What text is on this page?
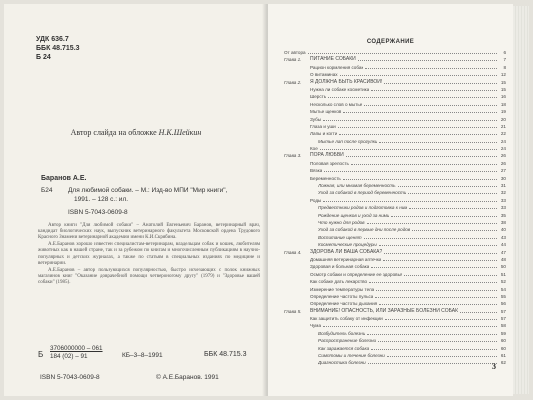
УДК 636.7
ББК 48.715.3
Б 24
Автор слайда на обложке Н.К.Шейкин
Баранов А.Е.
Б24 Для любимой собаки. – М.: Изд-во МПИ "Мир книги",
1991. – 128 с.: ил.
ISBN 5-7043-0609-8

Автор книги "Для любимой собаки" – Анатолий Евгеньевич Баранов, ветеринарный врач, кандидат биологических наук, выпускник ветеринарного факультета Московской ордена Трудового Красного Знамени ветеринарной академии имени К.И.Скрябина.

А.Е.Баранов хорошо известен специалистам-ветеринарам, владельцам собак и кошек, любителям животных как в нашей стране, так и за рубежом по книгам и многочисленным публикациям в научно-популярных и детских журналах, а также по статьям в специальных изданиях по медицине и ветеринарии.

А.Е.Баранов – автор пользующихся популярностью, быстро исчезающих с полок книжных магазинов книг "Оказание доврачебной помощи четвероногому другу" (1979) и "Здоровье вашей собаки" (1985).

Б
3706000000 – 061
184 (02) – 91	КБ–3–8–1991	ББК 48.715.3
ISBN 5-7043-0609-8	© А.Е.Баранов. 1991
СОДЕРЖАНИЕ
От автора	6
Глава 1.	ПИТАНИЕ СОБАКИ	7
Рацион кормления собак	8
О витаминах	12
Глава 2.	Я ДОЛЖНА БЫТЬ КРАСИВОЙ!	15
Нужна ли собаке косметика	15
Шерсть	16
Несколько слов о мытье	18
Мытье щенков	19
Зубы	20
Глаза и уши	21
Лапы и когти	22
Мытье лап после прогулки	24
Кое	24
Глава 3.	ПОРА ЛЮБВИ	26
Половая зрелость	26
Вязка	27
Беременность	30
Ложная, или мнимая беременность	31
Уход за собакой в период беременности	32
Роды	33
Предвестники родов и подготовка к ним	33
Рождение щенков и уход за ними	35
Что нужно для родов	38
Уход за собакой в первые дни после родов	40
Воспитание щенят	43
Косметические процедуры	44
Глава 4.	ЗДОРОВА ЛИ ВАША СОБАКА?	47
Домашняя ветеринарная аптечка	48
Здоровая и больная собака	50
Осмотр собаки и определение ее здоровья	51
Как собаке дать лекарство	52
Измерение температуры тела	54
Определение частоты пульса	55
Определение частоты дыхания	56
Глава 5.	ВНИМАНИЕ! ОПАСНОСТЬ, ИЛИ ЗАРАЗНЫЕ БОЛЕЗНИ СОБАК	57
Как защитить собаку от инфекции	57
Чума	58
Возбудитель болезни	59
Распространение болезни	60
Как заражается собака	60
Симптомы и течение болезни	61
Диагностика болезни	62
3
